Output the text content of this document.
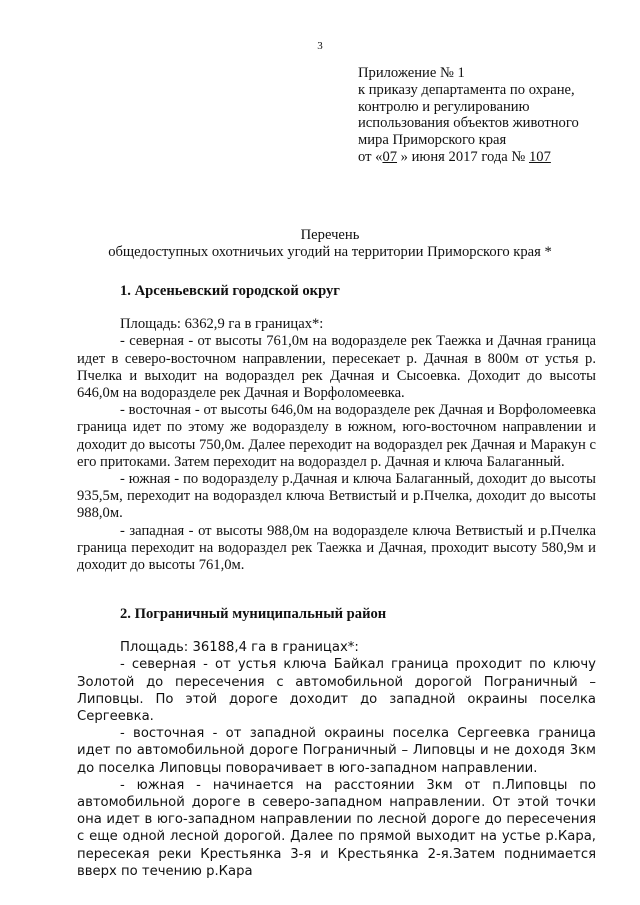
3
Приложение № 1
к приказу департамента по охране,
контролю и регулированию
использования объектов животного
мира Приморского края
от «07 » июня 2017 года № 107
Перечень
общедоступных охотничьих угодий на территории Приморского края *

1. Арсеньевский городской округ

Площадь: 6362,9 га в границах*:

- северная - от высоты 761,0м на водоразделе рек Таежка и Дачная граница идет в северо-восточном направлении, пересекает р. Дачная в 800м от устья р. Пчелка и выходит на водораздел рек Дачная и Сысоевка. Доходит до высоты 646,0м на водоразделе рек Дачная и Ворфоломеевка.

- восточная - от высоты 646,0м на водоразделе рек Дачная и Ворфоломеевка граница идет по этому же водоразделу в южном, юго-восточном направлении и доходит до высоты 750,0м. Далее переходит на водораздел рек Дачная и Маракун с его притоками. Затем переходит на водораздел р. Дачная и ключа Балаганный.

- южная - по водоразделу р.Дачная и ключа Балаганный, доходит до высоты 935,5м, переходит на водораздел ключа Ветвистый и р.Пчелка, доходит до высоты 988,0м.

- западная - от высоты 988,0м на водоразделе ключа Ветвистый и р.Пчелка граница переходит на водораздел рек Таежка и Дачная, проходит высоту 580,9м и доходит до высоты 761,0м.

2. Пограничный муниципальный район

Площадь: 36188,4 га в границах*:

- северная - от устья ключа Байкал граница проходит по ключу Золотой до пересечения с автомобильной дорогой Пограничный – Липовцы. По этой дороге доходит до западной окраины поселка Сергеевка.

- восточная - от западной окраины поселка Сергеевка граница идет по автомобильной дороге Пограничный – Липовцы и не доходя 3км до поселка Липовцы поворачивает в юго-западном направлении.

- южная - начинается на расстоянии 3км от п.Липовцы по автомобильной дороге в северо-западном направлении. От этой точки она идет в юго-западном направлении по лесной дороге до пересечения с еще одной лесной дорогой. Далее по прямой выходит на устье р.Кара, пересекая реки Крестьянка 3-я и Крестьянка 2-я.Затем поднимается вверх по течению р.Кара
